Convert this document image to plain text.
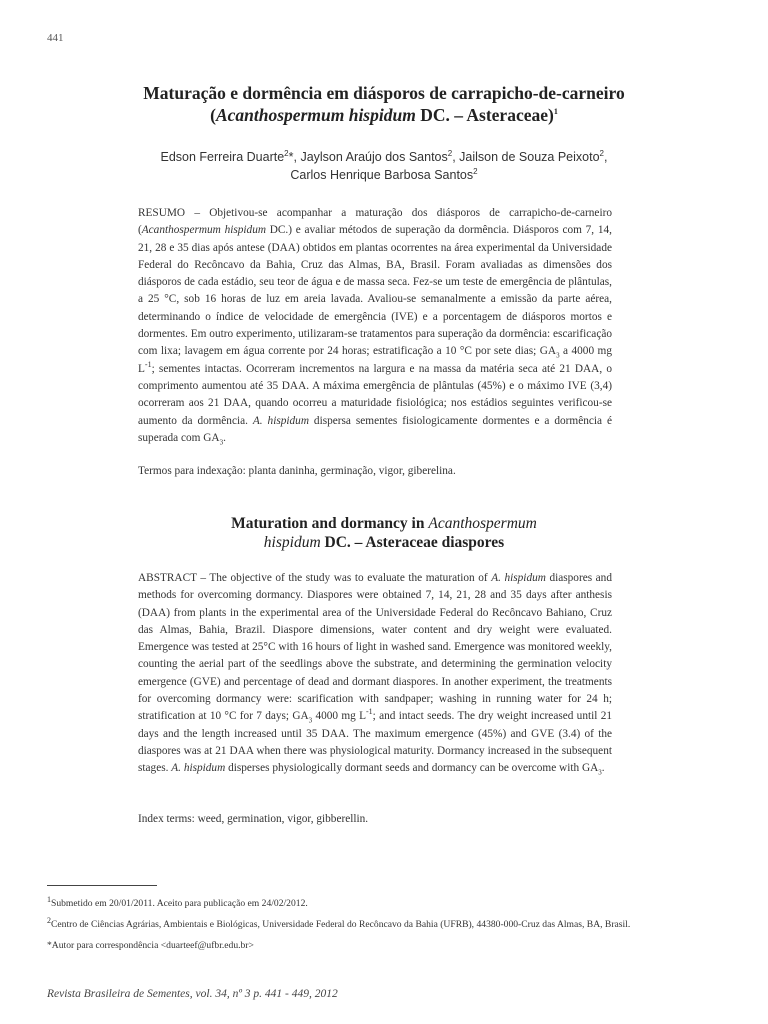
441
Maturação e dormência em diásporos de carrapicho-de-carneiro
(Acanthospermum hispidum DC. – Asteraceae)$^1$
Edson Ferreira Duarte$^2$*, Jaylson Araújo dos Santos$^2$, Jailson de Souza Peixoto$^2$,
Carlos Henrique Barbosa Santos$^2$
RESUMO – Objetivou-se acompanhar a maturação dos diásporos de carrapicho-de-carneiro (Acanthospermum hispidum DC.) e avaliar métodos de superação da dormência. Diásporos com 7, 14, 21, 28 e 35 dias após antese (DAA) obtidos em plantas ocorrentes na área experimental da Universidade Federal do Recôncavo da Bahia, Cruz das Almas, BA, Brasil. Foram avaliadas as dimensões dos diásporos de cada estádio, seu teor de água e de massa seca. Fez-se um teste de emergência de plântulas, a 25 °C, sob 16 horas de luz em areia lavada. Avaliou-se semanalmente a emissão da parte aérea, determinando o índice de velocidade de emergência (IVE) e a porcentagem de diásporos mortos e dormentes. Em outro experimento, utilizaram-se tratamentos para superação da dormência: escarificação com lixa; lavagem em água corrente por 24 horas; estratificação a 10 °C por sete dias; $GA_3$ a 4000 mg $L^{-1}$; sementes intactas. Ocorreram incrementos na largura e na massa da matéria seca até 21 DAA, o comprimento aumentou até 35 DAA. A máxima emergência de plântulas (45%) e o máximo IVE (3,4) ocorreram aos 21 DAA, quando ocorreu a maturidade fisiológica; nos estádios seguintes verificou-se aumento da dormência. A. hispidum dispersa sementes fisiologicamente dormentes e a dormência é superada com $GA_3$.
Termos para indexação: planta daninha, germinação, vigor, giberelina.
Maturation and dormancy in Acanthospermum
hispidum DC. – Asteraceae diaspores
ABSTRACT – The objective of the study was to evaluate the maturation of A. hispidum diaspores and methods for overcoming dormancy. Diaspores were obtained 7, 14, 21, 28 and 35 days after anthesis (DAA) from plants in the experimental area of the Universidade Federal do Recôncavo Bahiano, Cruz das Almas, Bahia, Brazil. Diaspore dimensions, water content and dry weight were evaluated. Emergence was tested at 25°C with 16 hours of light in washed sand. Emergence was monitored weekly, counting the aerial part of the seedlings above the substrate, and determining the germination velocity emergence (GVE) and percentage of dead and dormant diaspores. In another experiment, the treatments for overcoming dormancy were: scarification with sandpaper; washing in running water for 24 h; stratification at 10 °C for 7 days; $GA_3$ 4000 mg $L^{-1}$; and intact seeds. The dry weight increased until 21 days and the length increased until 35 DAA. The maximum emergence (45%) and GVE (3.4) of the diaspores was at 21 DAA when there was physiological maturity. Dormancy increased in the subsequent stages. A. hispidum disperses physiologically dormant seeds and dormancy can be overcome with $GA_3$.
Index terms: weed, germination, vigor, gibberellin.
$^1$Submetido em 20/01/2011. Aceito para publicação em 24/02/2012.
$^2$Centro de Ciências Agrárias, Ambientais e Biológicas, Universidade Federal do Recôncavo da Bahia (UFRB), 44380-000-Cruz das Almas, BA, Brasil.
*Autor para correspondência <duarteef@ufbr.edu.br>
Revista Brasileira de Sementes, vol. 34, nº 3 p. 441 - 449, 2012
